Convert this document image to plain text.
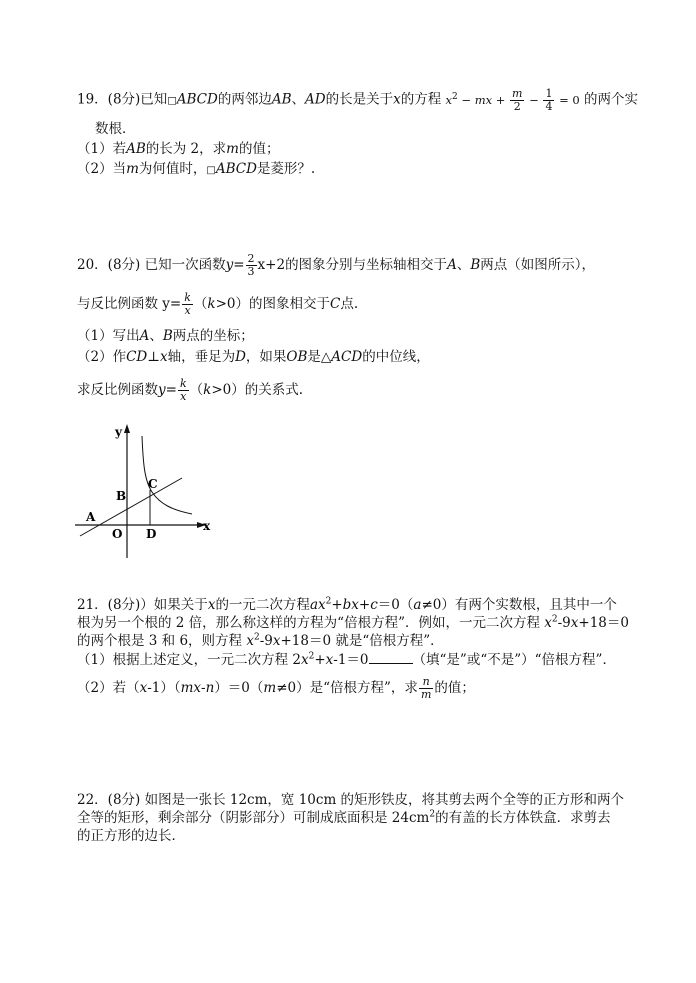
19．(8分)已知□ABCD的两邻边AB、AD的长是关于x的方程 $x^2$ − mx + $\frac{m}{2} - \frac{1}{4} = 0$ 的两个实
数根．
（1）若AB的长为 2，求m的值；
（2）当m为何值时，□ABCD是菱形？.
20．(8分) 已知一次函数$y= \frac{2}{3} x+2$的图象分别与坐标轴相交于A、B两点（如图所示），
与反比例函数 $y= \frac{k}{x} (k>0)$的图象相交于C点.
（1）写出A、B两点的坐标；
（2）作CD⊥x轴，垂足为D，如果OB是△ACD的中位线，
求反比例函数$y= \frac{k}{x} (k>0)$的关系式.
y
x
A
B
C
O D
21．(8分)）如果关于x的一元二次方程$ax^2+bx+c=0(a\ne 0)$有两个实数根，且其中一个
根为另一个根的 2 倍，那么称这样的方程为“倍根方程”．例如，一元二次方程 $x^2-9x+18=0$
的两个根是 3 和 6，则方程 $x^2-9x+18=0$ 就是“倍根方程”．
（1）根据上述定义，一元二次方程 $2x^2+x-1=0$	（填“是”或“不是”）“倍根方程”．
（2）若（x-1）（mx-n）＝0（m≠0）是“倍根方程”，求 $\frac{n}{m}$ 的值；
22．(8分) 如图是一张长 12cm，宽 10cm 的矩形铁皮，将其剪去两个全等的正方形和两个
全等的矩形，剩余部分（阴影部分）可制成底面积是 $24cm^2$的有盖的长方体铁盒．求剪去
的正方形的边长．
